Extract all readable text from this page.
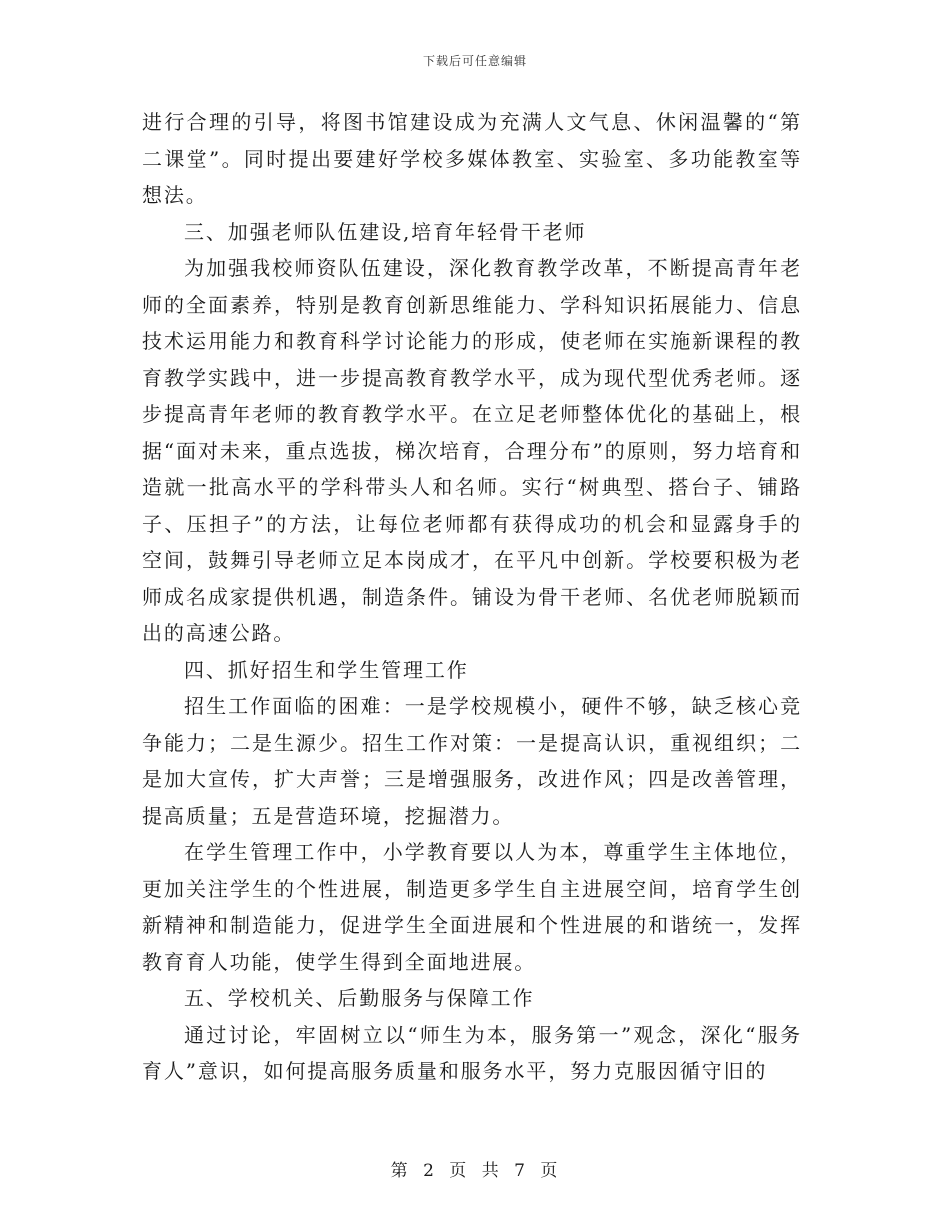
下载后可任意编辑

进行合理的引导，将图书馆建设成为充满人文气息、休闲温馨的“第二课堂”。同时提出要建好学校多媒体教室、实验室、多功能教室等想法。

三、加强老师队伍建设,培育年轻骨干老师

为加强我校师资队伍建设，深化教育教学改革，不断提高青年老师的全面素养，特别是教育创新思维能力、学科知识拓展能力、信息技术运用能力和教育科学讨论能力的形成，使老师在实施新课程的教育教学实践中，进一步提高教育教学水平，成为现代型优秀老师。逐步提高青年老师的教育教学水平。在立足老师整体优化的基础上，根据“面对未来，重点选拔，梯次培育，合理分布”的原则，努力培育和造就一批高水平的学科带头人和名师。实行“树典型、搭台子、铺路子、压担子”的方法，让每位老师都有获得成功的机会和显露身手的空间，鼓舞引导老师立足本岗成才，在平凡中创新。学校要积极为老师成名成家提供机遇，制造条件。铺设为骨干老师、名优老师脱颖而出的高速公路。

四、抓好招生和学生管理工作

招生工作面临的困难：一是学校规模小，硬件不够，缺乏核心竞争能力；二是生源少。招生工作对策：一是提高认识，重视组织；二是加大宣传，扩大声誉；三是增强服务，改进作风；四是改善管理，提高质量；五是营造环境，挖掘潜力。

在学生管理工作中，小学教育要以人为本，尊重学生主体地位，更加关注学生的个性进展，制造更多学生自主进展空间，培育学生创新精神和制造能力，促进学生全面进展和个性进展的和谐统一，发挥教育育人功能，使学生得到全面地进展。

五、学校机关、后勤服务与保障工作

通过讨论，牢固树立以“师生为本，服务第一”观念，深化“服务育人”意识，如何提高服务质量和服务水平，努力克服因循守旧的

第 2 页 共 7 页
